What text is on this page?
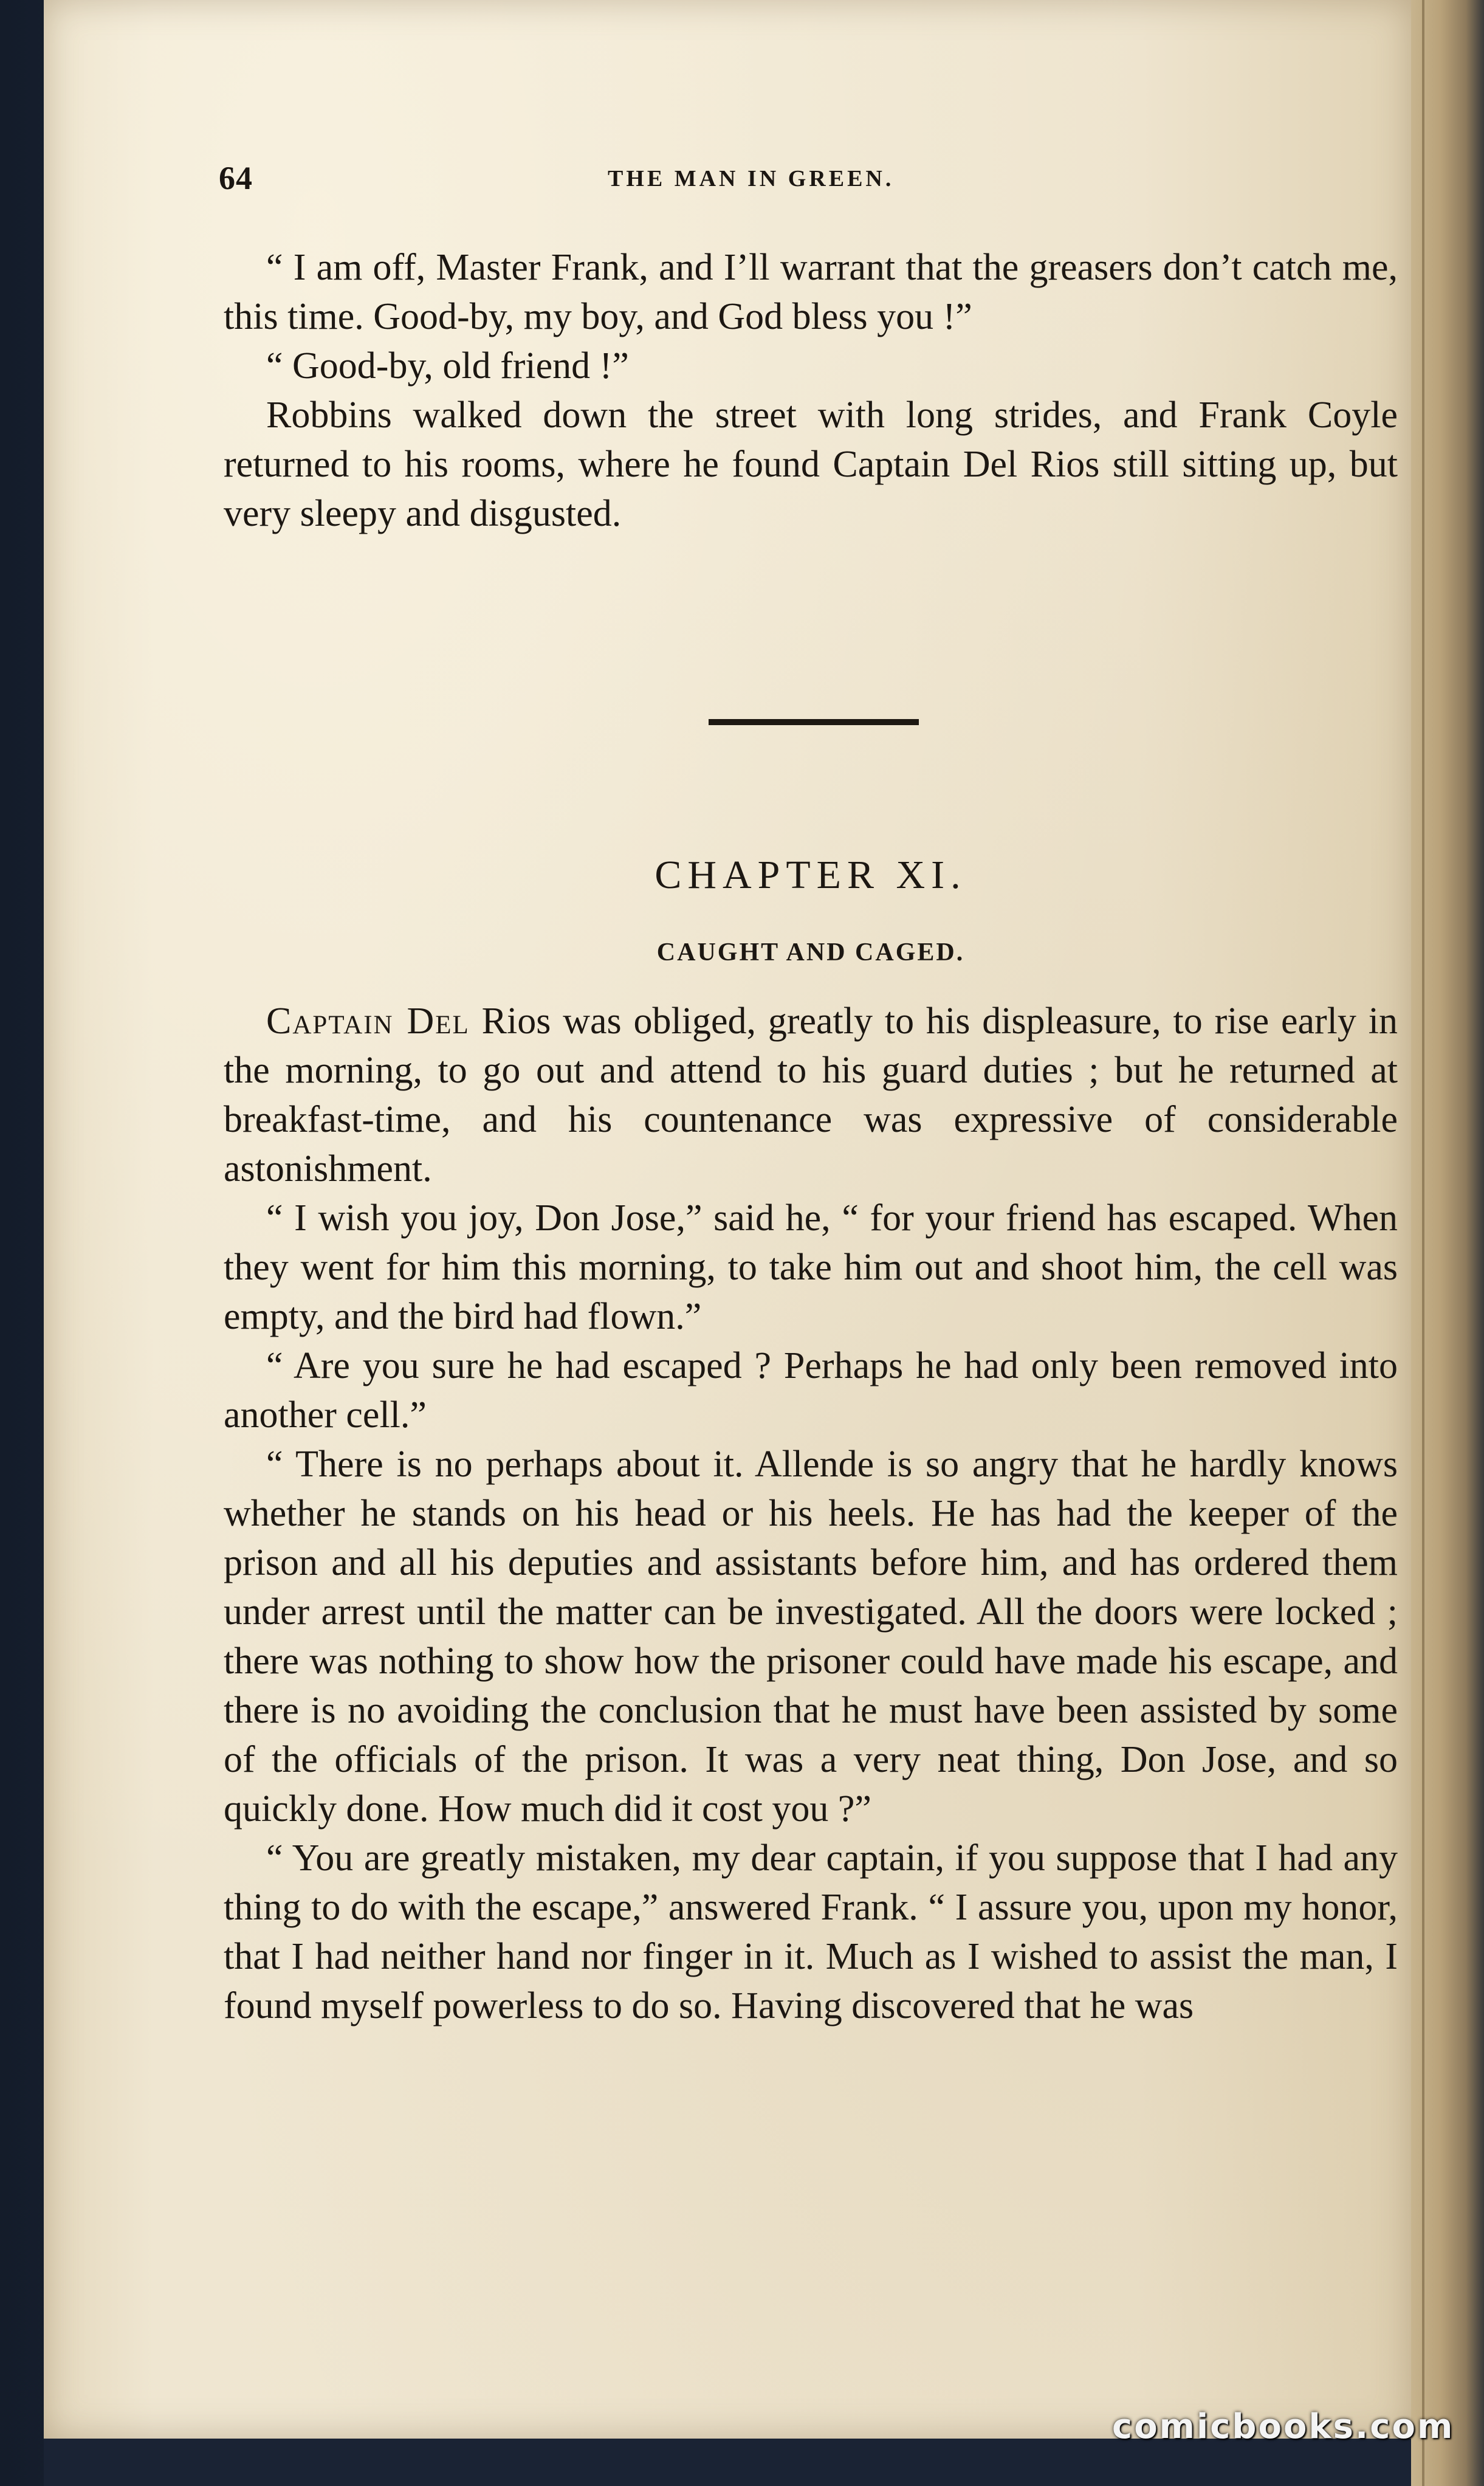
64	THE MAN IN GREEN.

“ I am off, Master Frank, and I’ll warrant that the greasers don’t catch me, this time. Good-by, my boy, and God bless you !”

“ Good-by, old friend !”

Robbins walked down the street with long strides, and Frank Coyle returned to his rooms, where he found Captain Del Rios still sitting up, but very sleepy and disgusted.

CHAPTER XI.
CAUGHT AND CAGED.

Captain Del Rios was obliged, greatly to his displeasure, to rise early in the morning, to go out and attend to his guard duties ; but he returned at breakfast-time, and his countenance was expressive of considerable astonishment.

“ I wish you joy, Don Jose,” said he, “ for your friend has escaped. When they went for him this morning, to take him out and shoot him, the cell was empty, and the bird had flown.”

“ Are you sure he had escaped ? Perhaps he had only been removed into another cell.”

“ There is no perhaps about it. Allende is so angry that he hardly knows whether he stands on his head or his heels. He has had the keeper of the prison and all his deputies and assistants before him, and has ordered them under arrest until the matter can be investigated. All the doors were locked ; there was nothing to show how the prisoner could have made his escape, and there is no avoiding the conclusion that he must have been assisted by some of the officials of the prison. It was a very neat thing, Don Jose, and so quickly done. How much did it cost you ?”

“ You are greatly mistaken, my dear captain, if you suppose that I had any thing to do with the escape,” answered Frank. “ I assure you, upon my honor, that I had neither hand nor finger in it. Much as I wished to assist the man, I found myself powerless to do so. Having discovered that he was

comicbooks.com
